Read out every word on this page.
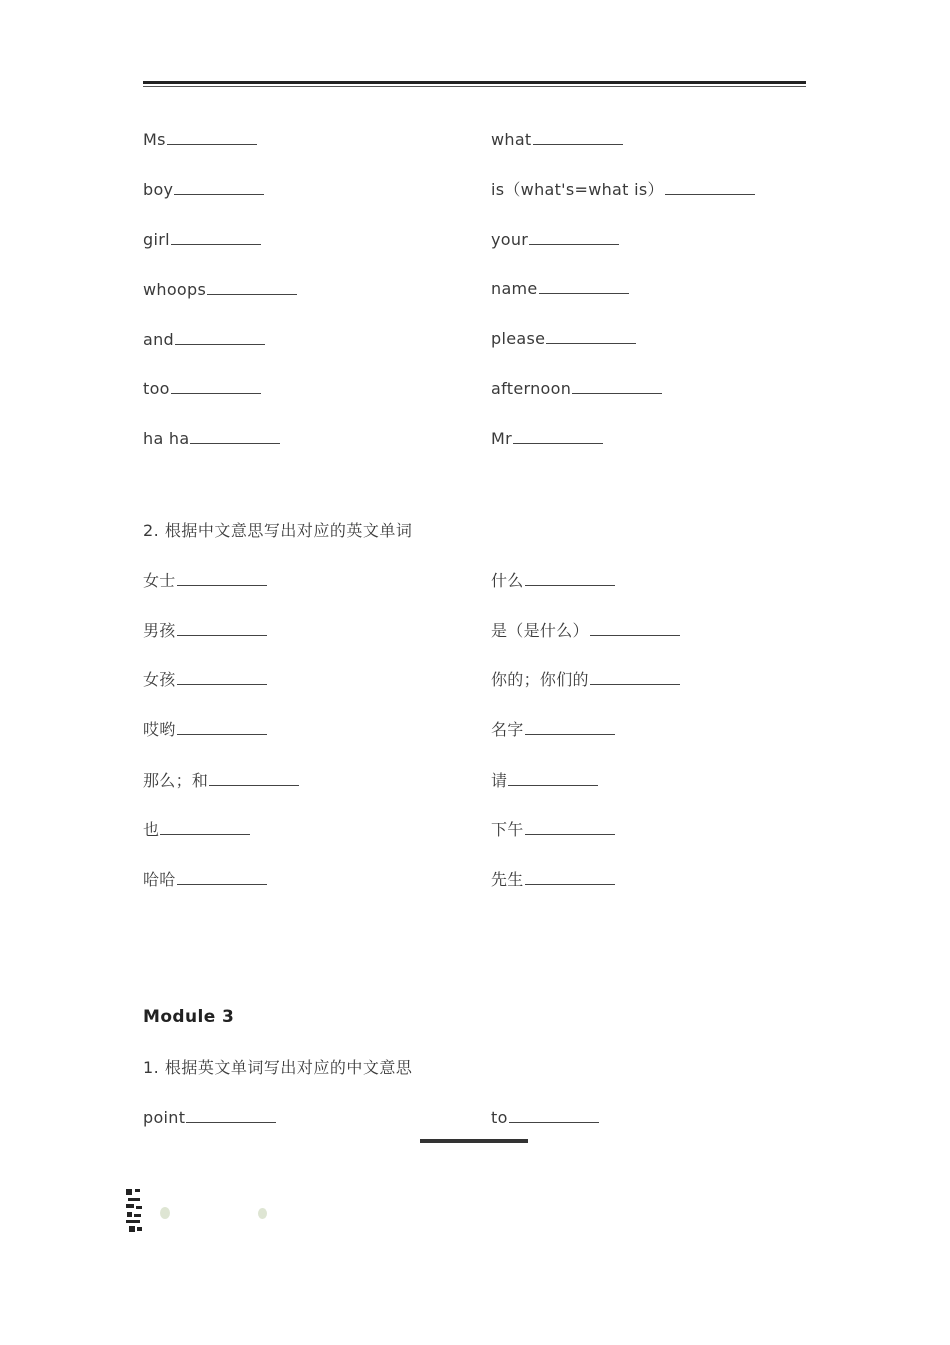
Ms
boy
girl
whoops
and
too
ha ha
what
is（what's=what is）
your
name
please
afternoon
Mr
2. 根据中文意思写出对应的英文单词
女士
男孩
女孩
哎哟
那么；和
也
哈哈
什么
是（是什么）
你的；你们的
名字
请
下午
先生
Module 3
1. 根据英文单词写出对应的中文意思
point	to
